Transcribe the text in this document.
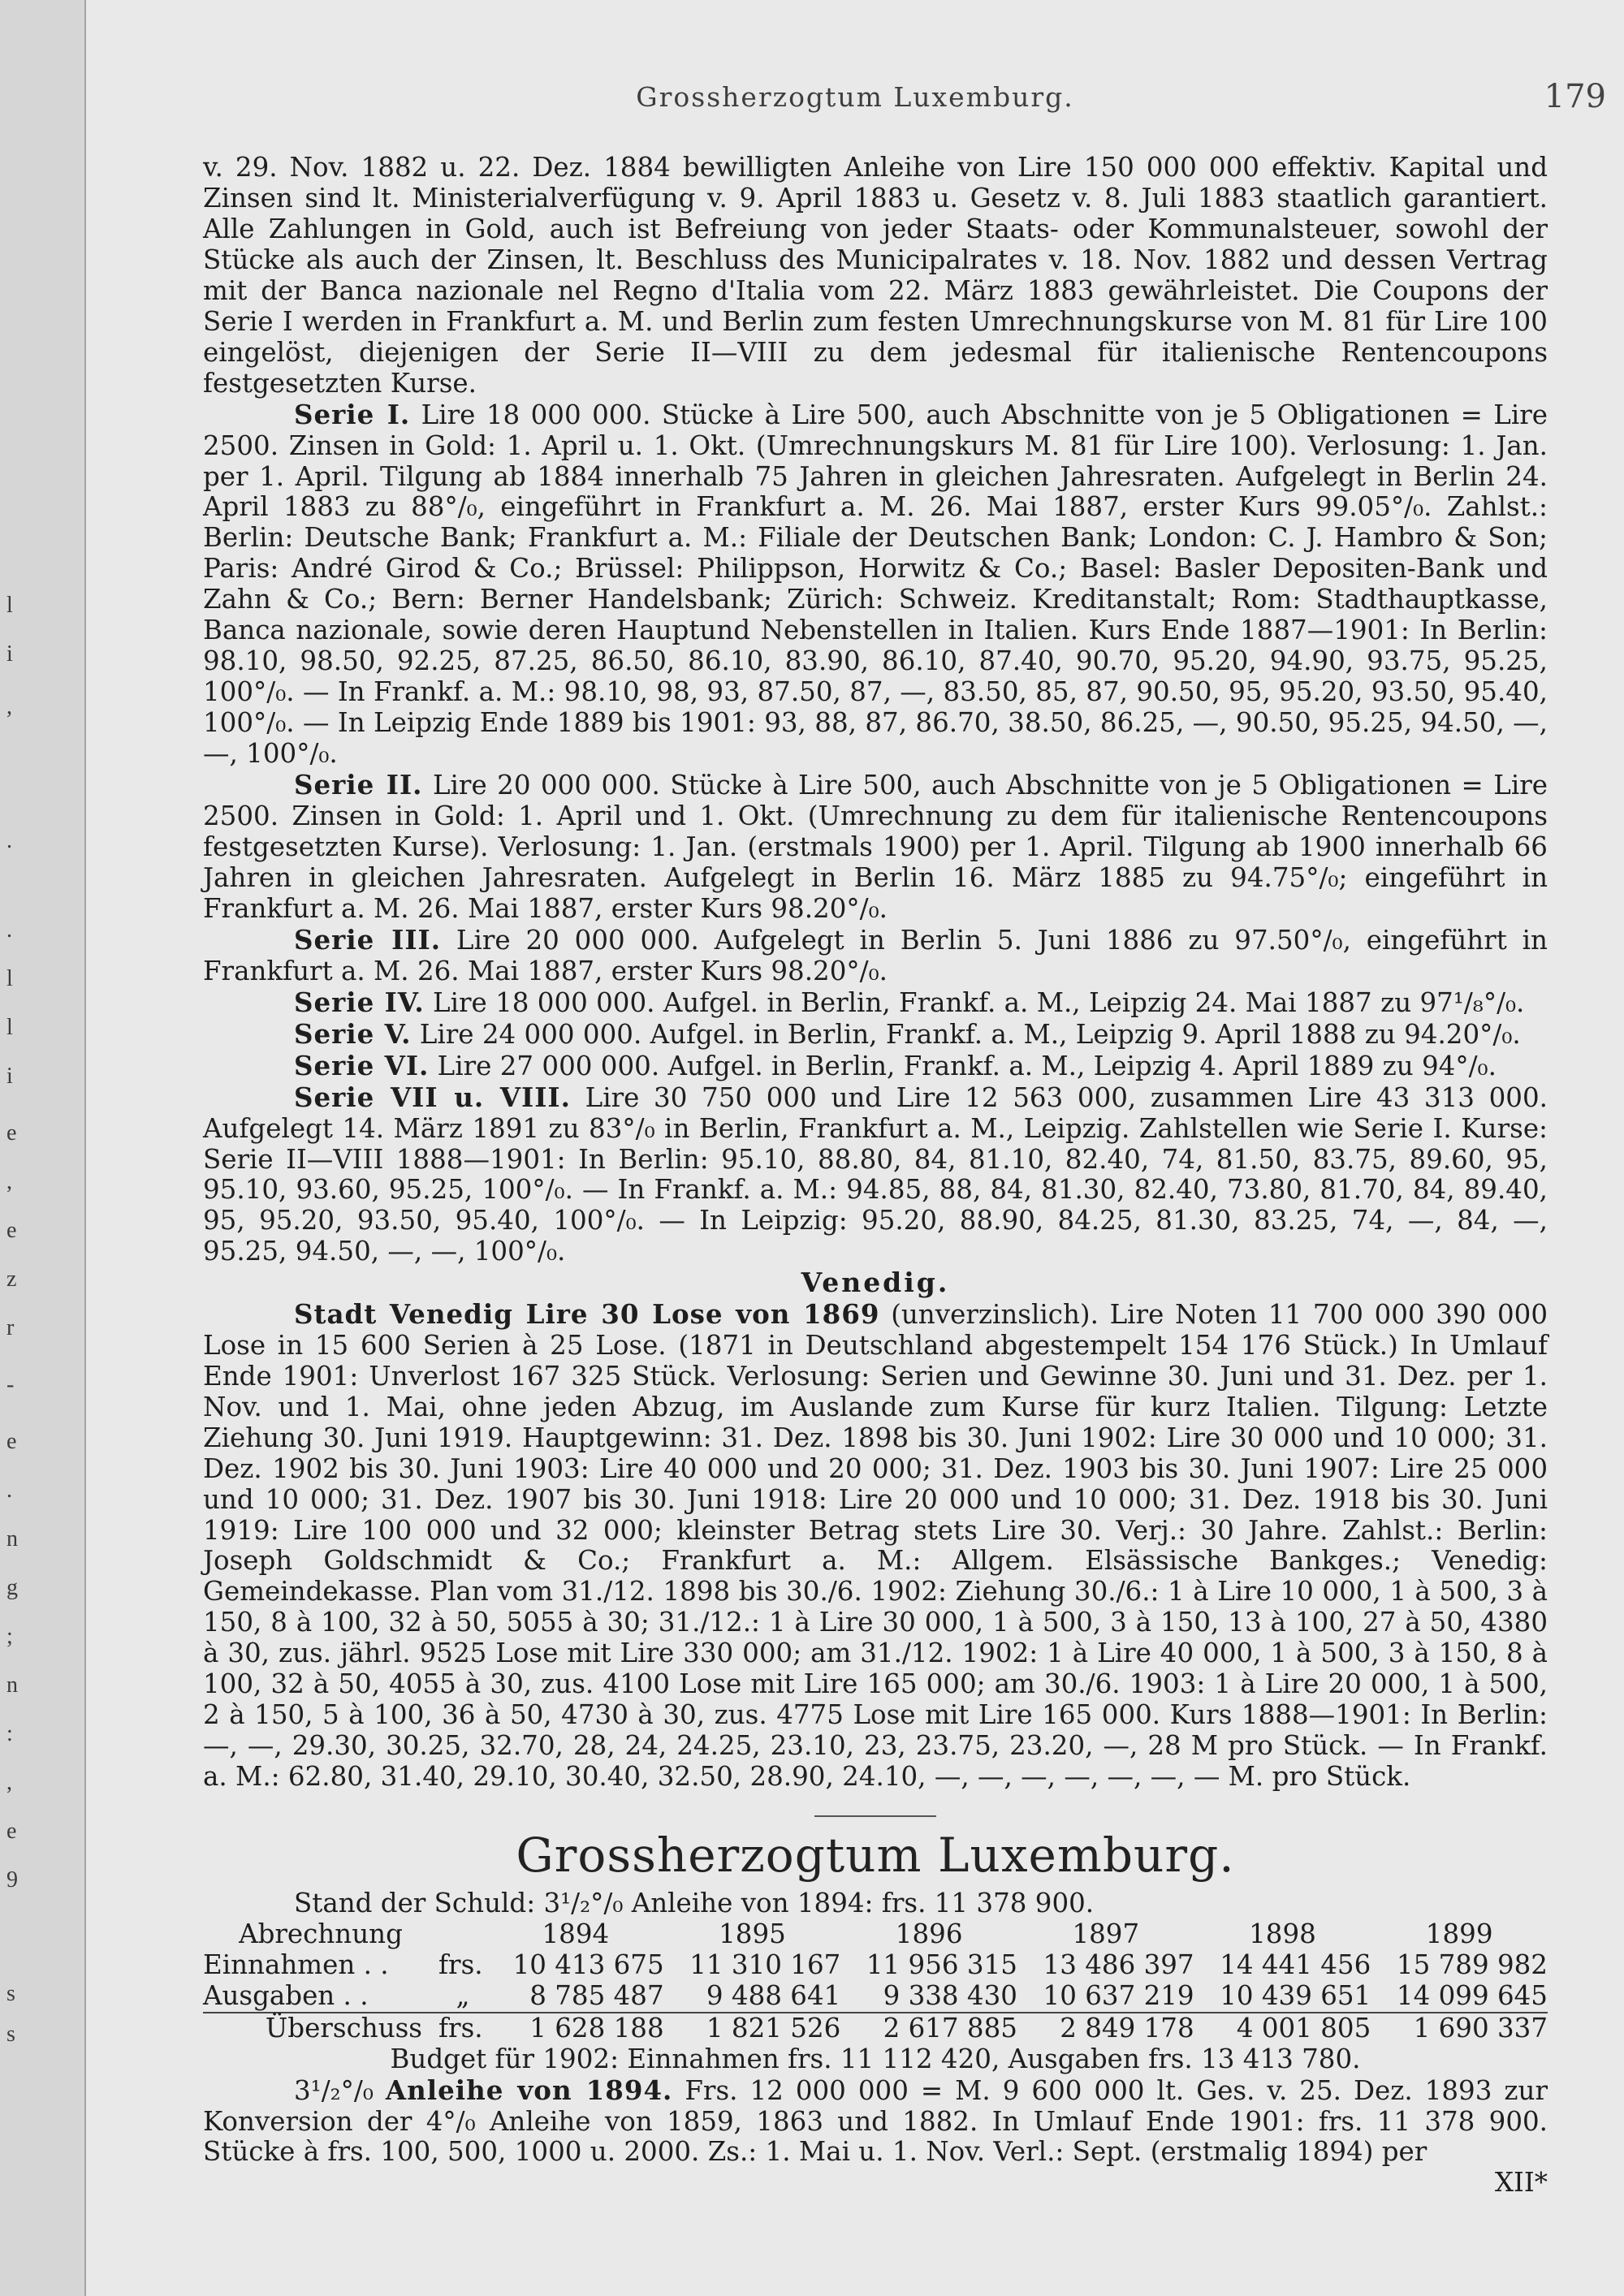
Grossherzogtum Luxemburg.	179

v. 29. Nov. 1882 u. 22. Dez. 1884 bewilligten Anleihe von Lire 150 000 000 effektiv. Kapital und Zinsen sind lt. Ministerialverfügung v. 9. April 1883 u. Gesetz v. 8. Juli 1883 staatlich garantiert. Alle Zahlungen in Gold, auch ist Befreiung von jeder Staats- oder Kommunalsteuer, sowohl der Stücke als auch der Zinsen, lt. Beschluss des Municipalrates v. 18. Nov. 1882 und dessen Vertrag mit der Banca nazionale nel Regno d'Italia vom 22. März 1883 gewährleistet. Die Coupons der Serie I werden in Frankfurt a. M. und Berlin zum festen Umrechnungskurse von M. 81 für Lire 100 eingelöst, diejenigen der Serie II—VIII zu dem jedesmal für italienische Rentencoupons festgesetzten Kurse.

Serie I. Lire 18 000 000. Stücke à Lire 500, auch Abschnitte von je 5 Obligationen = Lire 2500. Zinsen in Gold: 1. April u. 1. Okt. (Umrechnungskurs M. 81 für Lire 100). Verlosung: 1. Jan. per 1. April. Tilgung ab 1884 innerhalb 75 Jahren in gleichen Jahresraten. Aufgelegt in Berlin 24. April 1883 zu 88°/₀, eingeführt in Frankfurt a. M. 26. Mai 1887, erster Kurs 99.05°/₀. Zahlst.: Berlin: Deutsche Bank; Frankfurt a. M.: Filiale der Deutschen Bank; London: C. J. Hambro & Son; Paris: André Girod & Co.; Brüssel: Philippson, Horwitz & Co.; Basel: Basler Depositen-Bank und Zahn & Co.; Bern: Berner Handelsbank; Zürich: Schweiz. Kreditanstalt; Rom: Stadthauptkasse, Banca nazionale, sowie deren Hauptund Nebenstellen in Italien. Kurs Ende 1887—1901: In Berlin: 98.10, 98.50, 92.25, 87.25, 86.50, 86.10, 83.90, 86.10, 87.40, 90.70, 95.20, 94.90, 93.75, 95.25, 100°/₀. — In Frankf. a. M.: 98.10, 98, 93, 87.50, 87, —, 83.50, 85, 87, 90.50, 95, 95.20, 93.50, 95.40, 100°/₀. — In Leipzig Ende 1889 bis 1901: 93, 88, 87, 86.70, 38.50, 86.25, —, 90.50, 95.25, 94.50, —, —, 100°/₀.

Serie II. Lire 20 000 000. Stücke à Lire 500, auch Abschnitte von je 5 Obligationen = Lire 2500. Zinsen in Gold: 1. April und 1. Okt. (Umrechnung zu dem für italienische Rentencoupons festgesetzten Kurse). Verlosung: 1. Jan. (erstmals 1900) per 1. April. Tilgung ab 1900 innerhalb 66 Jahren in gleichen Jahresraten. Aufgelegt in Berlin 16. März 1885 zu 94.75°/₀; eingeführt in Frankfurt a. M. 26. Mai 1887, erster Kurs 98.20°/₀.

Serie III. Lire 20 000 000. Aufgelegt in Berlin 5. Juni 1886 zu 97.50°/₀, eingeführt in Frankfurt a. M. 26. Mai 1887, erster Kurs 98.20°/₀.

Serie IV. Lire 18 000 000. Aufgel. in Berlin, Frankf. a. M., Leipzig 24. Mai 1887 zu 97¹/₈°/₀.

Serie V. Lire 24 000 000. Aufgel. in Berlin, Frankf. a. M., Leipzig 9. April 1888 zu 94.20°/₀.

Serie VI. Lire 27 000 000. Aufgel. in Berlin, Frankf. a. M., Leipzig 4. April 1889 zu 94°/₀.

Serie VII u. VIII. Lire 30 750 000 und Lire 12 563 000, zusammen Lire 43 313 000. Aufgelegt 14. März 1891 zu 83°/₀ in Berlin, Frankfurt a. M., Leipzig. Zahlstellen wie Serie I. Kurse: Serie II—VIII 1888—1901: In Berlin: 95.10, 88.80, 84, 81.10, 82.40, 74, 81.50, 83.75, 89.60, 95, 95.10, 93.60, 95.25, 100°/₀. — In Frankf. a. M.: 94.85, 88, 84, 81.30, 82.40, 73.80, 81.70, 84, 89.40, 95, 95.20, 93.50, 95.40, 100°/₀. — In Leipzig: 95.20, 88.90, 84.25, 81.30, 83.25, 74, —, 84, —, 95.25, 94.50, —, —, 100°/₀.

Venedig.

Stadt Venedig Lire 30 Lose von 1869 (unverzinslich). Lire Noten 11 700 000 390 000 Lose in 15 600 Serien à 25 Lose. (1871 in Deutschland abgestempelt 154 176 Stück.) In Umlauf Ende 1901: Unverlost 167 325 Stück. Verlosung: Serien und Gewinne 30. Juni und 31. Dez. per 1. Nov. und 1. Mai, ohne jeden Abzug, im Auslande zum Kurse für kurz Italien. Tilgung: Letzte Ziehung 30. Juni 1919. Hauptgewinn: 31. Dez. 1898 bis 30. Juni 1902: Lire 30 000 und 10 000; 31. Dez. 1902 bis 30. Juni 1903: Lire 40 000 und 20 000; 31. Dez. 1903 bis 30. Juni 1907: Lire 25 000 und 10 000; 31. Dez. 1907 bis 30. Juni 1918: Lire 20 000 und 10 000; 31. Dez. 1918 bis 30. Juni 1919: Lire 100 000 und 32 000; kleinster Betrag stets Lire 30. Verj.: 30 Jahre. Zahlst.: Berlin: Joseph Goldschmidt & Co.; Frankfurt a. M.: Allgem. Elsässische Bankges.; Venedig: Gemeindekasse. Plan vom 31./12. 1898 bis 30./6. 1902: Ziehung 30./6.: 1 à Lire 10 000, 1 à 500, 3 à 150, 8 à 100, 32 à 50, 5055 à 30; 31./12.: 1 à Lire 30 000, 1 à 500, 3 à 150, 13 à 100, 27 à 50, 4380 à 30, zus. jährl. 9525 Lose mit Lire 330 000; am 31./12. 1902: 1 à Lire 40 000, 1 à 500, 3 à 150, 8 à 100, 32 à 50, 4055 à 30, zus. 4100 Lose mit Lire 165 000; am 30./6. 1903: 1 à Lire 20 000, 1 à 500, 2 à 150, 5 à 100, 36 à 50, 4730 à 30, zus. 4775 Lose mit Lire 165 000. Kurs 1888—1901: In Berlin: —, —, 29.30, 30.25, 32.70, 28, 24, 24.25, 23.10, 23, 23.75, 23.20, —, 28 M pro Stück. — In Frankf. a. M.: 62.80, 31.40, 29.10, 30.40, 32.50, 28.90, 24.10, —, —, —, —, —, —, — M. pro Stück.

Grossherzogtum Luxemburg.

Stand der Schuld: 3¹/₂°/₀ Anleihe von 1894: frs. 11 378 900.

Abrechnung		1894	1895	1896	1897	1898	1899
Einnahmen . .	frs.	10 413 675	11 310 167	11 956 315	13 486 397	14 441 456	15 789 982
Ausgaben . .	„	8 785 487	9 488 641	9 338 430	10 637 219	10 439 651	14 099 645
Überschuss	frs.	1 628 188	1 821 526	2 617 885	2 849 178	4 001 805	1 690 337

Budget für 1902: Einnahmen frs. 11 112 420, Ausgaben frs. 13 413 780.

3¹/₂°/₀ Anleihe von 1894. Frs. 12 000 000 = M. 9 600 000 lt. Ges. v. 25. Dez. 1893 zur Konversion der 4°/₀ Anleihe von 1859, 1863 und 1882. In Umlauf Ende 1901: frs. 11 378 900. Stücke à frs. 100, 500, 1000 u. 2000. Zs.: 1. Mai u. 1. Nov. Verl.: Sept. (erstmalig 1894) per

XII*

l
i
,
.
.
l
l
i
e
,
e
z
r
-
e
.
n
g
;
n
:
,
e
9
s
s
